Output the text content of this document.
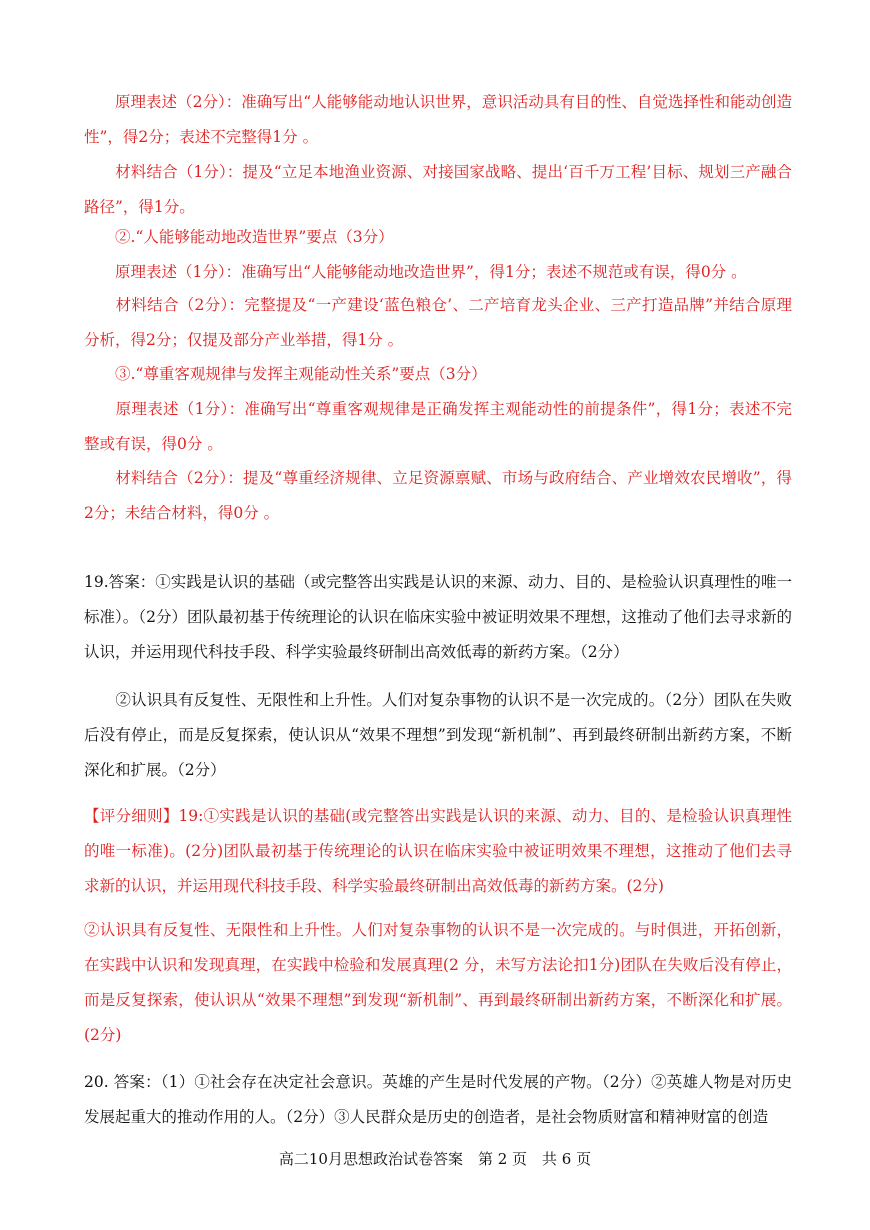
　　原理表述（2分）：准确写出“人能够能动地认识世界，意识活动具有目的性、自觉选择性和能动创造性”，得2分；表述不完整得1分 。

　　材料结合（1分）：提及“立足本地渔业资源、对接国家战略、提出‘百千万工程’目标、规划三产融合路径”，得1分。

　　②.“人能够能动地改造世界”要点（3分）

　　原理表述（1分）：准确写出“人能够能动地改造世界”，得1分；表述不规范或有误，得0分 。

　　材料结合（2分）：完整提及“一产建设‘蓝色粮仓’、二产培育龙头企业、三产打造品牌”并结合原理分析，得2分；仅提及部分产业举措，得1分 。

　　③.“尊重客观规律与发挥主观能动性关系”要点（3分）

　　原理表述（1分）：准确写出“尊重客观规律是正确发挥主观能动性的前提条件”，得1分；表述不完整或有误，得0分 。

　　材料结合（2分）：提及“尊重经济规律、立足资源禀赋、市场与政府结合、产业增效农民增收”，得2分；未结合材料，得0分 。

19.答案：①实践是认识的基础（或完整答出实践是认识的来源、动力、目的、是检验认识真理性的唯一标准）。（2分）团队最初基于传统理论的认识在临床实验中被证明效果不理想，这推动了他们去寻求新的认识，并运用现代科技手段、科学实验最终研制出高效低毒的新药方案。（2分）

　　②认识具有反复性、无限性和上升性。人们对复杂事物的认识不是一次完成的。（2分）团队在失败后没有停止，而是反复探索，使认识从“效果不理想”到发现“新机制”、再到最终研制出新药方案，不断深化和扩展。（2分）

【评分细则】19:①实践是认识的基础(或完整答出实践是认识的来源、动力、目的、是检验认识真理性的唯一标准)。(2分)团队最初基于传统理论的认识在临床实验中被证明效果不理想，这推动了他们去寻求新的认识，并运用现代科技手段、科学实验最终研制出高效低毒的新药方案。(2分)

②认识具有反复性、无限性和上升性。人们对复杂事物的认识不是一次完成的。与时俱进，开拓创新， 在实践中认识和发现真理，在实践中检验和发展真理(2 分，未写方法论扣1分)团队在失败后没有停止，而是反复探索，使认识从“效果不理想”到发现“新机制”、再到最终研制出新药方案，不断深化和扩展。(2分)

20. 答案：（1）①社会存在决定社会意识。英雄的产生是时代发展的产物。（2分）②英雄人物是对历史发展起重大的推动作用的人。（2分）③人民群众是历史的创造者，是社会物质财富和精神财富的创造

高二10月思想政治试卷答案　第 2 页　共 6 页
